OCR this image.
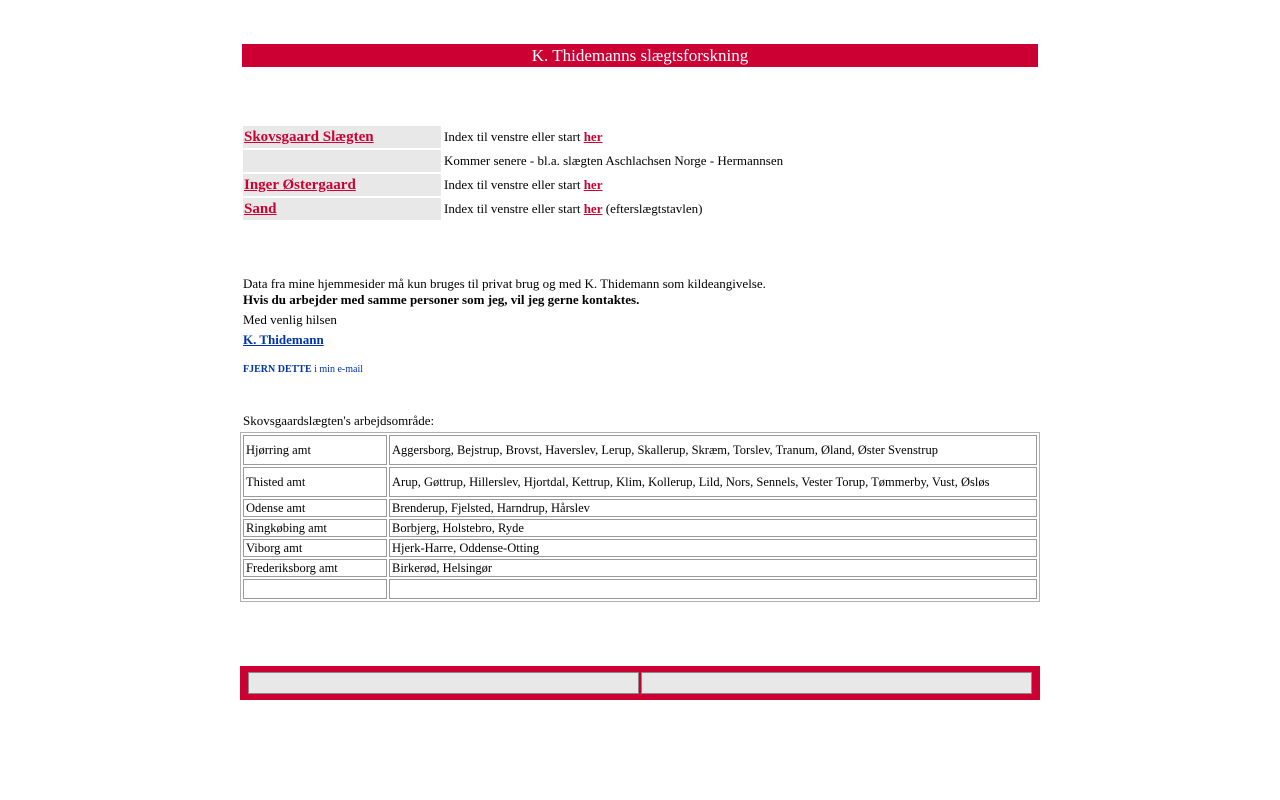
K. Thidemanns slægtsforskning
Skovsgaard Slægten	Index til venstre eller start her
	Kommer senere - bl.a. slægten Aschlachsen Norge - Hermannsen
Inger Østergaard	Index til venstre eller start her
Sand	Index til venstre eller start her (efterslægtstavlen)
Data fra mine hjemmesider må kun bruges til privat brug og med K. Thidemann som kildeangivelse.
Hvis du arbejder med samme personer som jeg, vil jeg gerne kontaktes.
Med venlig hilsen
K. Thidemann
FJERN DETTE i min e-mail
Skovsgaardslægten's arbejdsområde:
Hjørring amt	Aggersborg, Bejstrup, Brovst, Haverslev, Lerup, Skallerup, Skræm, Torslev, Tranum, Øland, Øster Svenstrup
Thisted amt	Arup, Gøttrup, Hillerslev, Hjortdal, Kettrup, Klim, Kollerup, Lild, Nors, Sennels, Vester Torup, Tømmerby, Vust, Øsløs
Odense amt	Brenderup, Fjelsted, Harndrup, Hårslev
Ringkøbing amt	Borbjerg, Holstebro, Ryde
Viborg amt	Hjerk-Harre, Oddense-Otting
Frederiksborg amt	Birkerød, Helsingør
